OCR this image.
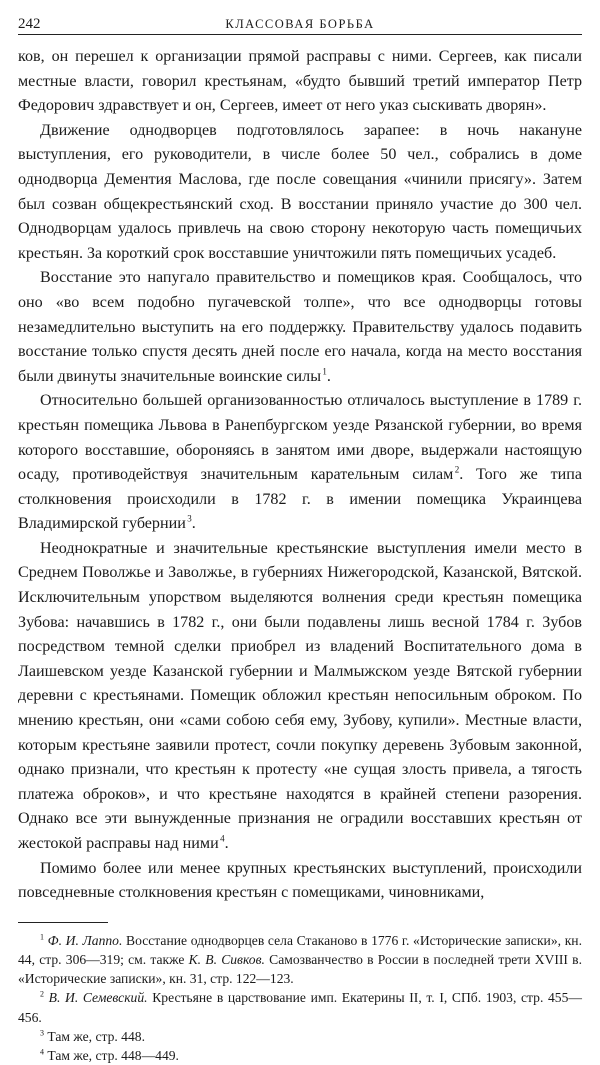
242	КЛАССОВАЯ БОРЬБА

ков, он перешел к организации прямой расправы с ними. Сергеев, как писали местные власти, говорил крестьянам, «будто бывший третий император Петр Федорович здравствует и он, Сергеев, имеет от него указ сыскивать дворян».

Движение однодворцев подготовлялось зарапее: в ночь накануне выступления, его руководители, в числе более 50 чел., собрались в доме однодворца Дементия Маслова, где после совещания «чинили присягу». Затем был созван общекрестьянский сход. В восстании приняло участие до 300 чел. Однодворцам удалось привлечь на свою сторону некоторую часть помещичьих крестьян. За короткий срок восставшие уничтожили пять помещичьих усадеб.

Восстание это напугало правительство и помещиков края. Сообщалось, что оно «во всем подобно пугачевской толпе», что все однодворцы готовы незамедлительно выступить на его поддержку. Правительству удалось подавить восстание только спустя десять дней после его начала, когда на место восстания были двинуты значительные воинские силы $^1$.

Относительно большей организованностью отличалось выступление в 1789 г. крестьян помещика Львова в Ранепбургском уезде Рязанской губернии, во время которого восставшие, обороняясь в занятом ими дворе, выдержали настоящую осаду, противодействуя значительным карательным силам $^2$. Того же типа столкновения происходили в 1782 г. в имении помещика Украинцева Владимирской губернии $^3$.

Неоднократные и значительные крестьянские выступления имели место в Среднем Поволжье и Заволжье, в губерниях Нижегородской, Казанской, Вятской. Исключительным упорством выделяются волнения среди крестьян помещика Зубова: начавшись в 1782 г., они были подавлены лишь весной 1784 г. Зубов посредством темной сделки приобрел из владений Воспитательного дома в Лаишевском уезде Казанской губернии и Малмыжском уезде Вятской губернии деревни с крестьянами. Помещик обложил крестьян непосильным оброком. По мнению крестьян, они «сами собою себя ему, Зубову, купили». Местные власти, которым крестьяне заявили протест, сочли покупку деревень Зубовым законной, однако признали, что крестьян к протесту «не сущая злость привела, а тягость платежа оброков», и что крестьяне находятся в крайней степени разорения. Однако все эти вынужденные признания не оградили восставших крестьян от жестокой расправы над ними $^4$.

Помимо более или менее крупных крестьянских выступлений, происходили повседневные столкновения крестьян с помещиками, чиновниками,

$^1$ Ф. И. Лаппо. Восстание однодворцев села Стаканово в 1776 г. «Исторические записки», кн. 44, стр. 306—319; см. также К. В. Сивков. Самозванчество в России в последней трети XVIII в. «Исторические записки», кн. 31, стр. 122—123.

$^2$ В. И. Семевский. Крестьяне в царствование имп. Екатерины II, т. I, СПб. 1903, стр. 455—456.

$^3$ Там же, стр. 448.

$^4$ Там же, стр. 448—449.
